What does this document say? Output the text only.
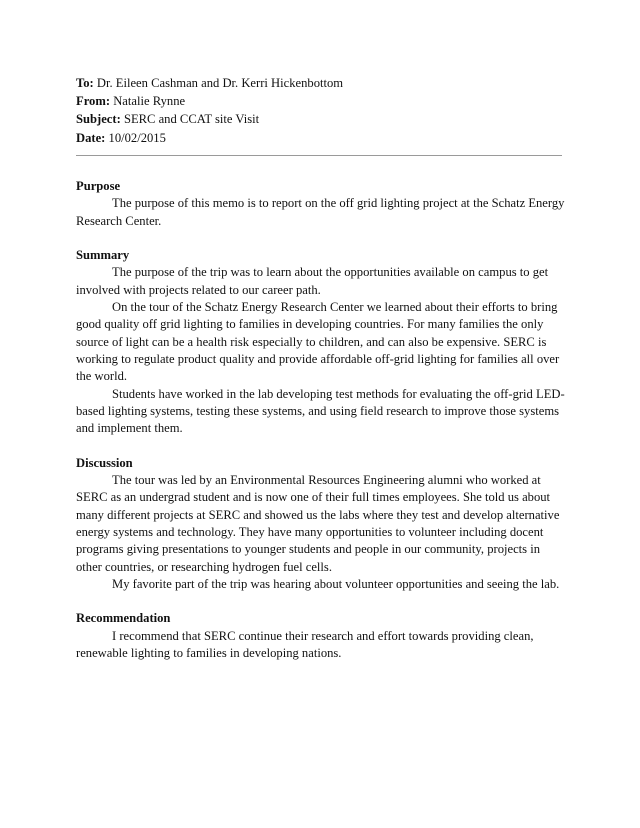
To: Dr. Eileen Cashman and Dr. Kerri Hickenbottom
From: Natalie Rynne
Subject: SERC and CCAT site Visit
Date: 10/02/2015

Purpose

The purpose of this memo is to report on the off grid lighting project at the Schatz Energy Research Center.

Summary

The purpose of the trip was to learn about the opportunities available on campus to get involved with projects related to our career path.

On the tour of the Schatz Energy Research Center we learned about their efforts to bring good quality off grid lighting to families in developing countries. For many families the only source of light can be a health risk especially to children, and can also be expensive. SERC is working to regulate product quality and provide affordable off-grid lighting for families all over the world.

Students have worked in the lab developing test methods for evaluating the off-grid LED-based lighting systems, testing these systems, and using field research to improve those systems and implement them.

Discussion

The tour was led by an Environmental Resources Engineering alumni who worked at SERC as an undergrad student and is now one of their full times employees. She told us about many different projects at SERC and showed us the labs where they test and develop alternative energy systems and technology. They have many opportunities to volunteer including docent programs giving presentations to younger students and people in our community, projects in other countries, or researching hydrogen fuel cells.

My favorite part of the trip was hearing about volunteer opportunities and seeing the lab.

Recommendation

I recommend that SERC continue their research and effort towards providing clean, renewable lighting to families in developing nations.
